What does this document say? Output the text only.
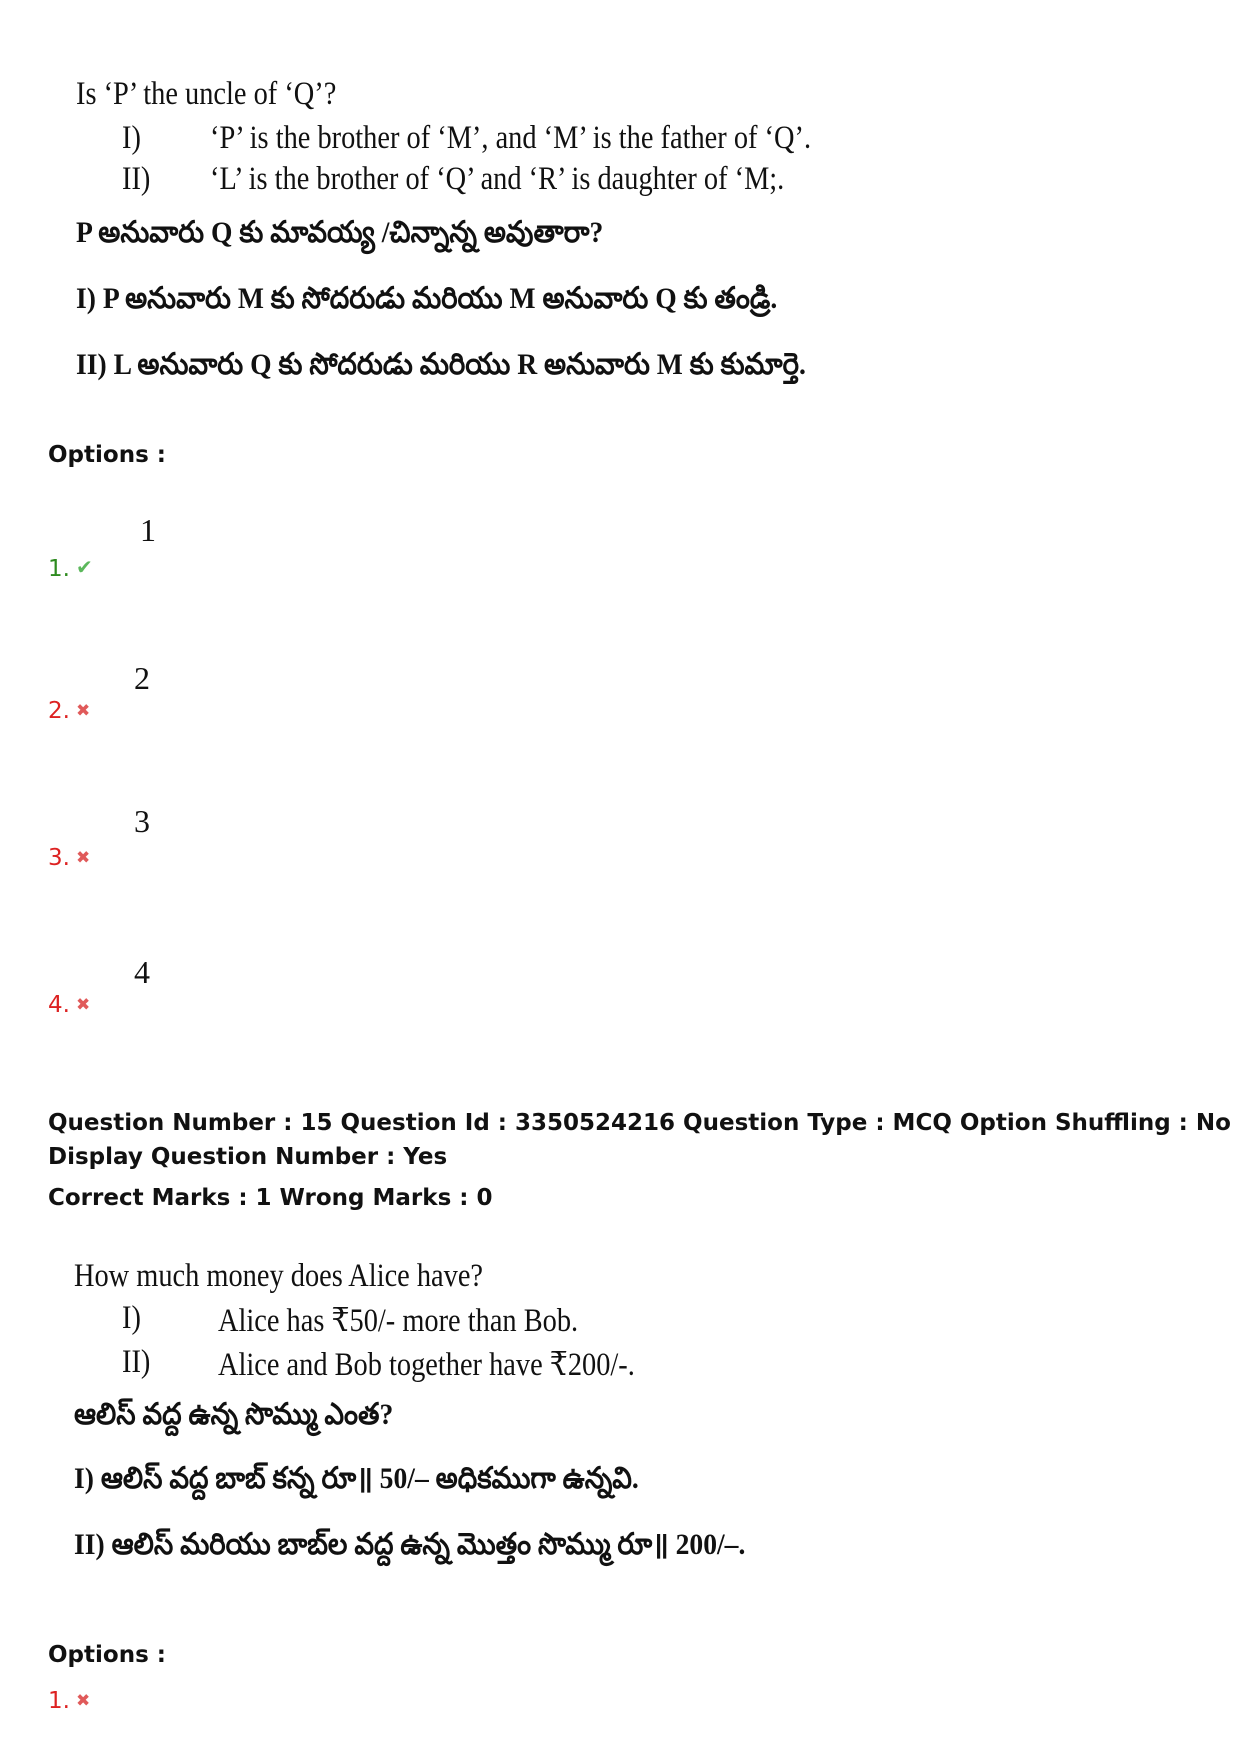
Is ‘P’ the uncle of ‘Q’?
I) ‘P’ is the brother of ‘M’, and ‘M’ is the father of ‘Q’.
II) ‘L’ is the brother of ‘Q’ and ‘R’ is daughter of ‘M;.
P అనువారు Q కు మావయ్య /చిన్నాన్న అవుతారా?
I) P అనువారు M కు సోదరుడు మరియు M అనువారు Q కు తండ్రి.
II) L అనువారు Q కు సోదరుడు మరియు R అనువారు M కు కుమార్తె.
Options :
1
1. ✔
2
2. ✖
3
3. ✖
4
4. ✖
Question Number : 15 Question Id : 3350524216 Question Type : MCQ Option Shuffling : No
Display Question Number : Yes
Correct Marks : 1 Wrong Marks : 0
How much money does Alice have?
I) Alice has ₹50/- more than Bob.
II) Alice and Bob together have ₹200/-.
ఆలిస్ వద్ద ఉన్న సొమ్ము ఎంత?
I) ఆలిస్ వద్ద బాబ్ కన్న రూ॥ 50/– అధికముగా ఉన్నవి.
II) ఆలిస్ మరియు బాబ్‌ల వద్ద ఉన్న మొత్తం సొమ్ము రూ॥ 200/–.
Options :
1. ✖
